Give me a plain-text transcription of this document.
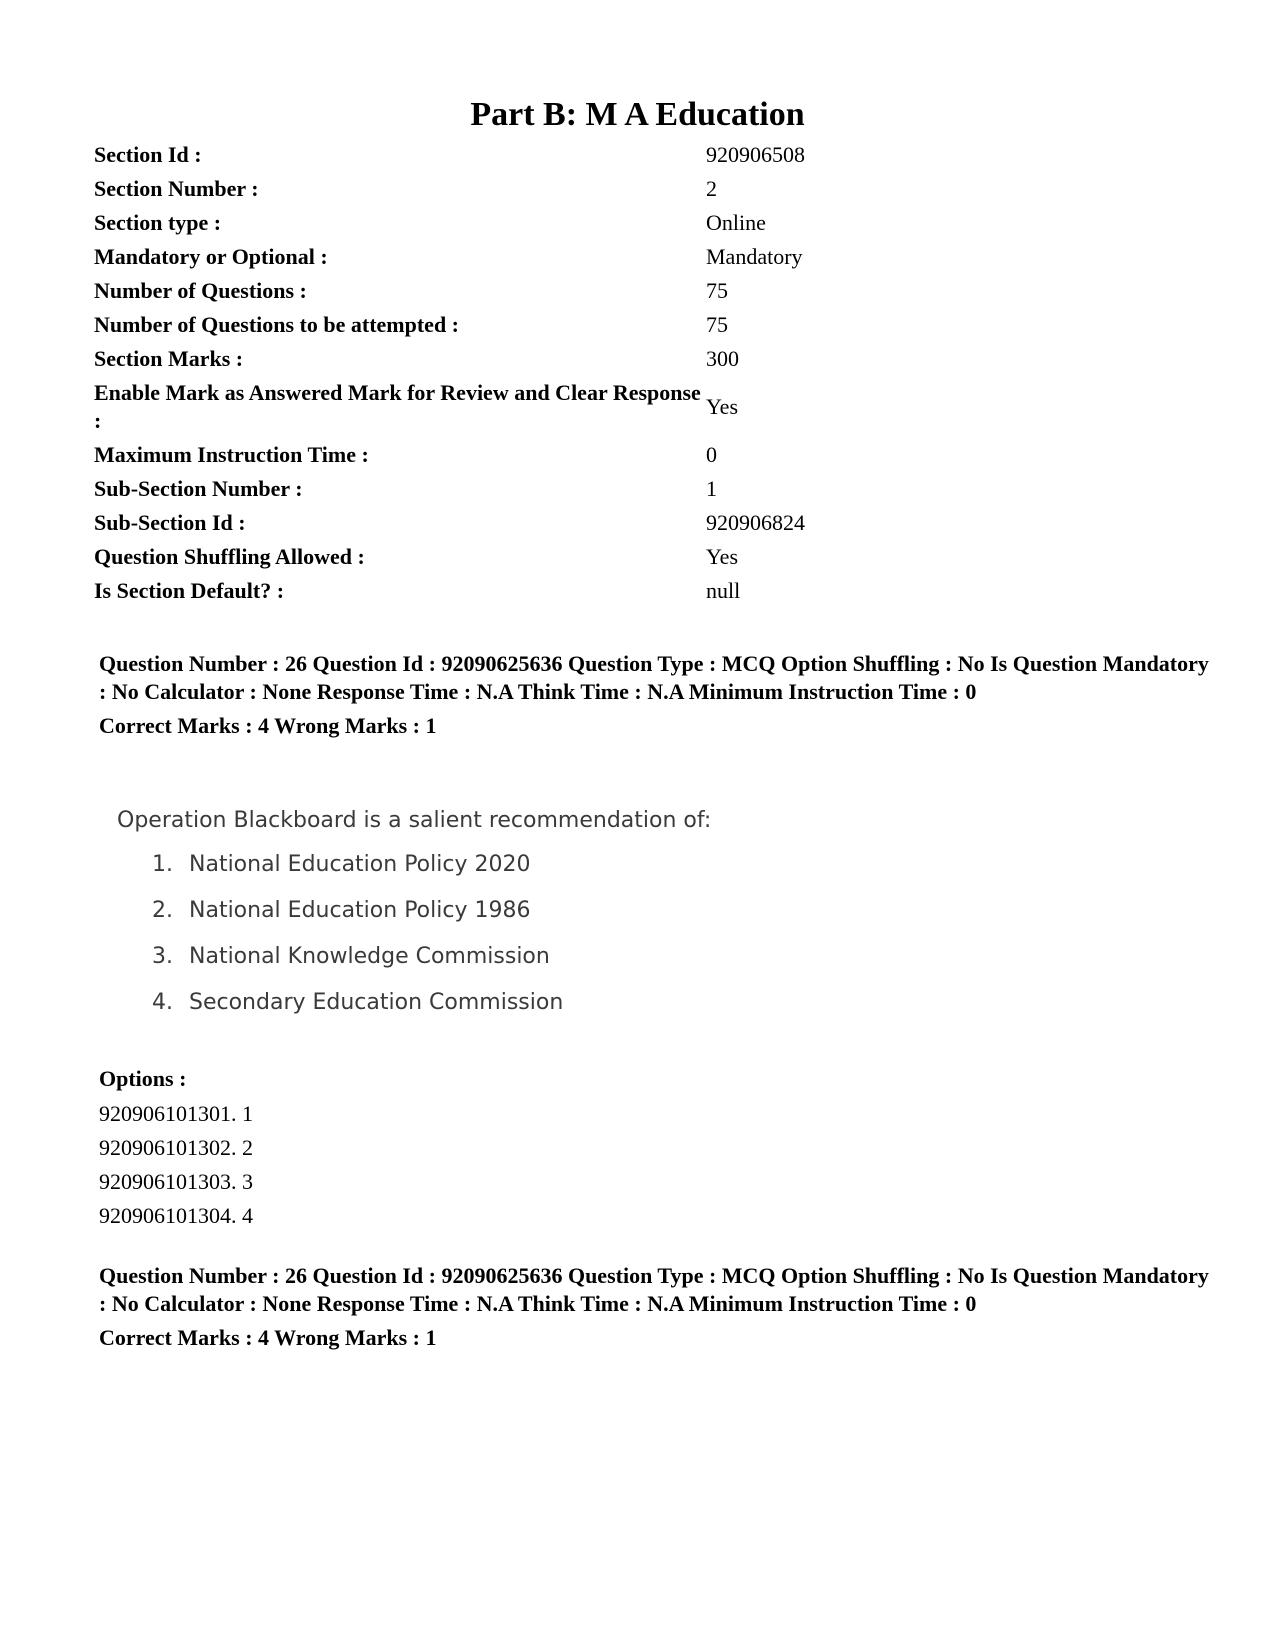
Part B: M A Education
Section Id :	920906508
Section Number :	2
Section type :	Online
Mandatory or Optional :	Mandatory
Number of Questions :	75
Number of Questions to be attempted :	75
Section Marks :	300
Enable Mark as Answered Mark for Review and Clear Response :	Yes
Maximum Instruction Time :	0
Sub-Section Number :	1
Sub-Section Id :	920906824
Question Shuffling Allowed :	Yes
Is Section Default? :	null

Question Number : 26 Question Id : 92090625636 Question Type : MCQ Option Shuffling : No Is Question Mandatory : No Calculator : None Response Time : N.A Think Time : N.A Minimum Instruction Time : 0

Correct Marks : 4 Wrong Marks : 1

Operation Blackboard is a salient recommendation of:

1. National Education Policy 2020
2. National Education Policy 1986
3. National Knowledge Commission
4. Secondary Education Commission

Options :

920906101301. 1
920906101302. 2
920906101303. 3
920906101304. 4

Question Number : 26 Question Id : 92090625636 Question Type : MCQ Option Shuffling : No Is Question Mandatory : No Calculator : None Response Time : N.A Think Time : N.A Minimum Instruction Time : 0

Correct Marks : 4 Wrong Marks : 1
